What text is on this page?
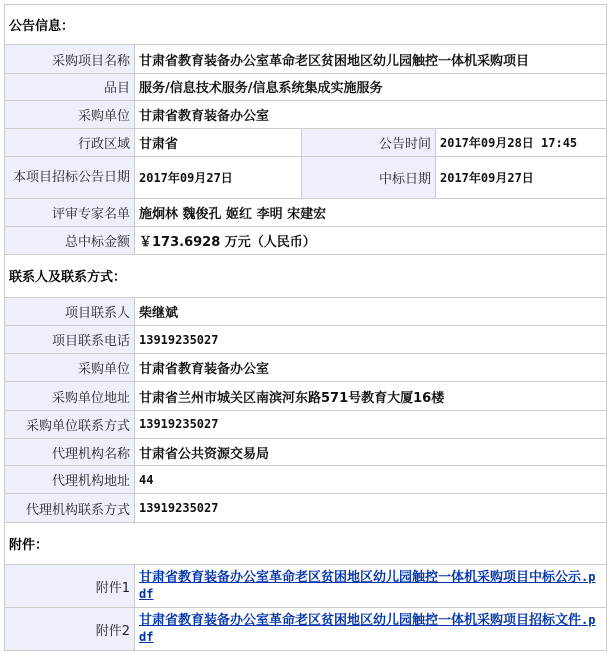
公告信息：			
采购项目名称	甘肃省教育装备办公室革命老区贫困地区幼儿园触控一体机采购项目		
品目	服务/信息技术服务/信息系统集成实施服务		
采购单位	甘肃省教育装备办公室		
行政区域	甘肃省	公告时间	2017年09月28日 17:45
本项目招标公告日期	2017年09月27日	中标日期	2017年09月27日
评审专家名单	施炯林 魏俊孔 姬红 李明 宋建宏		
总中标金额	￥173.6928 万元（人民币）		
联系人及联系方式：			
项目联系人	柴继斌		
项目联系电话	13919235027		
采购单位	甘肃省教育装备办公室		
采购单位地址	甘肃省兰州市城关区南滨河东路571号教育大厦16楼		
采购单位联系方式	13919235027		
代理机构名称	甘肃省公共资源交易局		
代理机构地址	44		
代理机构联系方式	13919235027		
附件：			
附件1	甘肃省教育装备办公室革命老区贫困地区幼儿园触控一体机采购项目中标公示.pdf		
附件2	甘肃省教育装备办公室革命老区贫困地区幼儿园触控一体机采购项目招标文件.pdf		
